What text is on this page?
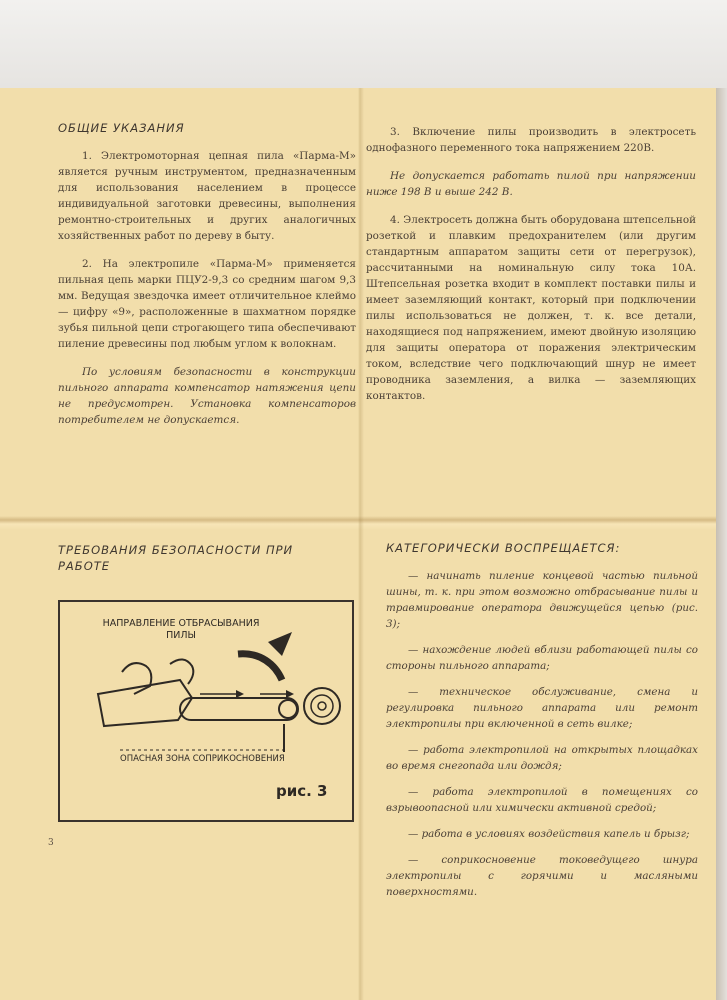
ОБЩИЕ УКАЗАНИЯ

1. Электромоторная цепная пила «Парма-М» является ручным инструментом, предназначенным для использования населением в процессе индивидуальной заготовки древесины, выполнения ремонтно-строительных и других аналогичных хозяйственных работ по дереву в быту.

2. На электропиле «Парма-М» применяется пильная цепь марки ПЦУ2-9,3 со средним шагом 9,3 мм. Ведущая звездочка имеет отличительное клеймо — цифру «9», расположенные в шахматном порядке зубья пильной цепи строгающего типа обеспечивают пиление древесины под любым углом к волокнам.

По условиям безопасности в конструкции пильного аппарата компенсатор натяжения цепи не предусмотрен. Установка компенсаторов потребителем не допускается.

3. Включение пилы производить в электросеть однофазного переменного тока напряжением 220В.

Не допускается работать пилой при напряжении ниже 198 В и выше 242 В.

4. Электросеть должна быть оборудована штепсельной розеткой и плавким предохранителем (или другим стандартным аппаратом защиты сети от перегрузок), рассчитанными на номинальную силу тока 10А. Штепсельная розетка входит в комплект поставки пилы и имеет заземляющий контакт, который при подключении пилы использоваться не должен, т. к. все детали, находящиеся под напряжением, имеют двойную изоляцию для защиты оператора от поражения электрическим током, вследствие чего подключающий шнур не имеет проводника заземления, а вилка — заземляющих контактов.

ТРЕБОВАНИЯ БЕЗОПАСНОСТИ ПРИ РАБОТЕ
НАПРАВЛЕНИЕ ОТБРАСЫВАНИЯ ПИЛЫ
ОПАСНАЯ ЗОНА СОПРИКОСНОВЕНИЯ
рис. 3
3
КАТЕГОРИЧЕСКИ ВОСПРЕЩАЕТСЯ:

— начинать пиление концевой частью пильной шины, т. к. при этом возможно отбрасывание пилы и травмирование оператора движущейся цепью (рис. 3);

— нахождение людей вблизи работающей пилы со стороны пильного аппарата;

— техническое обслуживание, смена и регулировка пильного аппарата или ремонт электропилы при включенной в сеть вилке;

— работа электропилой на открытых площадках во время снегопада или дождя;

— работа электропилой в помещениях со взрывоопасной или химически активной средой;

— работа в условиях воздействия капель и брызг;

— соприкосновение токоведущего шнура электропилы с горячими и масляными поверхностями.
